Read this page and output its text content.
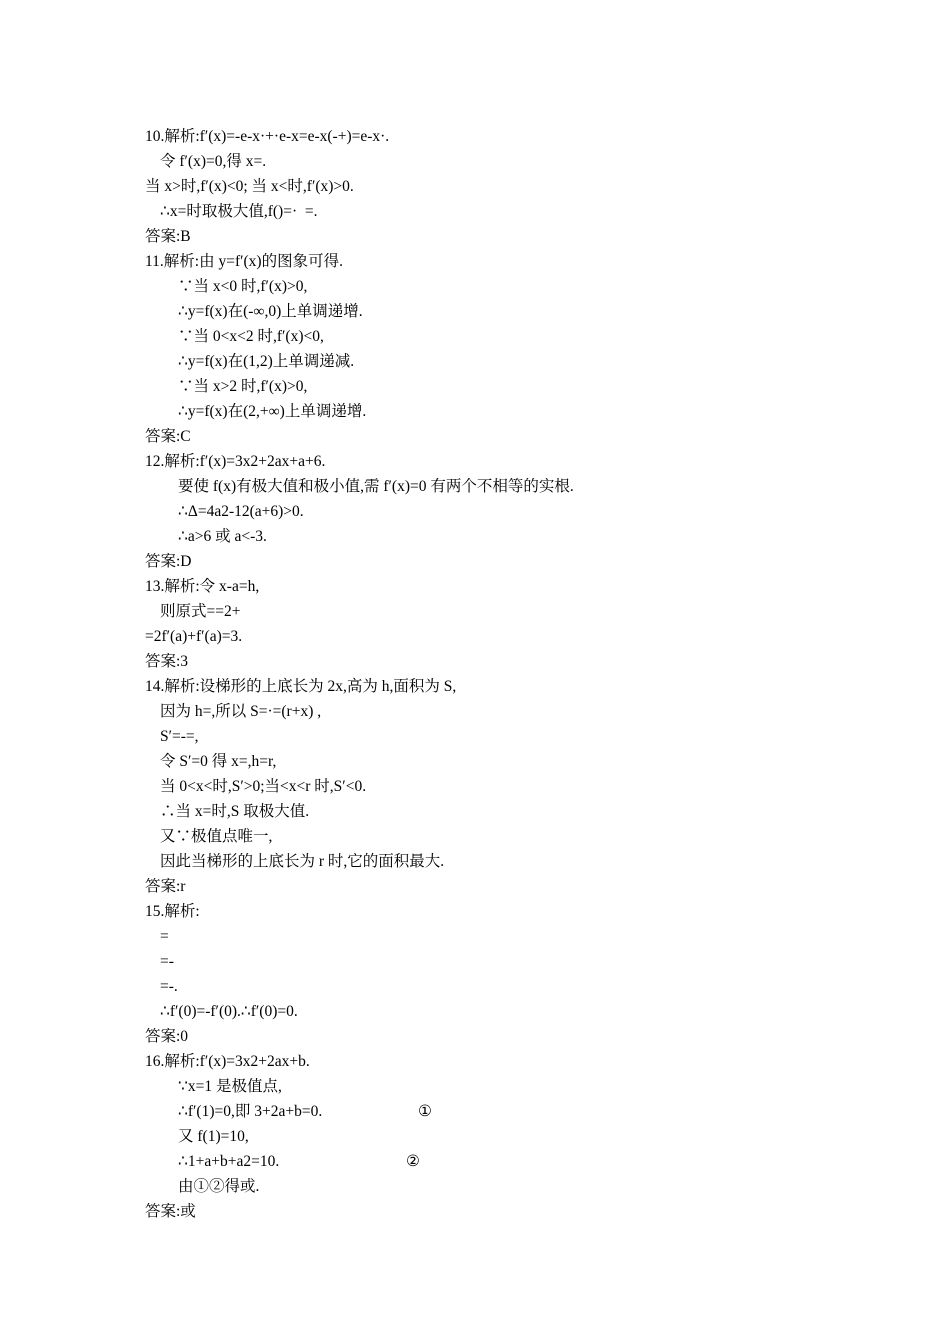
10.解析:f′(x)=-e-x·+·e-x=e-x(-+)=e-x·.
令 f′(x)=0,得 x=.
当 x>时,f′(x)<0; 当 x<时,f′(x)>0.
∴x=时取极大值,f()=·  =.
答案:B
11.解析:由 y=f′(x)的图象可得.
∵当 x<0 时,f′(x)>0,
∴y=f(x)在(-∞,0)上单调递增.
∵当 0<x<2 时,f′(x)<0,
∴y=f(x)在(1,2)上单调递减.
∵当 x>2 时,f′(x)>0,
∴y=f(x)在(2,+∞)上单调递增.
答案:C
12.解析:f′(x)=3x2+2ax+a+6.
要使 f(x)有极大值和极小值,需 f′(x)=0 有两个不相等的实根.
∴Δ=4a2-12(a+6)>0.
∴a>6 或 a<-3.
答案:D
13.解析:令 x-a=h,
则原式==2+
=2f′(a)+f′(a)=3.
答案:3
14.解析:设梯形的上底长为 2x,高为 h,面积为 S,
因为 h=,所以 S=·=(r+x) ,
S′=-=,
令 S′=0 得 x=,h=r,
当 0<x<时,S′>0;当<x<r 时,S′<0.
∴当 x=时,S 取极大值.
又∵极值点唯一,
因此当梯形的上底长为 r 时,它的面积最大.
答案:r
15.解析:
=
=-
=-.
∴f′(0)=-f′(0).∴f′(0)=0.
答案:0
16.解析:f′(x)=3x2+2ax+b.
∵x=1 是极值点,
∴f′(1)=0,即 3+2a+b=0.	①
又 f(1)=10,
∴1+a+b+a2=10.	②
由①②得或.
答案:或
